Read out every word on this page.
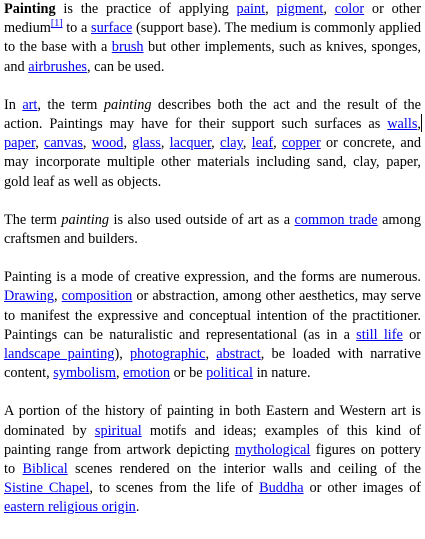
Painting is the practice of applying paint, pigment, color or other medium[1] to a surface (support base). The medium is commonly applied to the base with a brush but other implements, such as knives, sponges, and airbrushes, can be used.

In art, the term painting describes both the act and the result of the action. Paintings may have for their support such surfaces as walls, paper, canvas, wood, glass, lacquer, clay, leaf, copper or concrete, and may incorporate multiple other materials including sand, clay, paper, gold leaf as well as objects.

The term painting is also used outside of art as a common trade among craftsmen and builders.

Painting is a mode of creative expression, and the forms are numerous. Drawing, composition or abstraction, among other aesthetics, may serve to manifest the expressive and conceptual intention of the practitioner. Paintings can be naturalistic and representational (as in a still life or landscape painting), photographic, abstract, be loaded with narrative content, symbolism, emotion or be political in nature.

A portion of the history of painting in both Eastern and Western art is dominated by spiritual motifs and ideas; examples of this kind of painting range from artwork depicting mythological figures on pottery to Biblical scenes rendered on the interior walls and ceiling of the Sistine Chapel, to scenes from the life of Buddha or other images of eastern religious origin.
